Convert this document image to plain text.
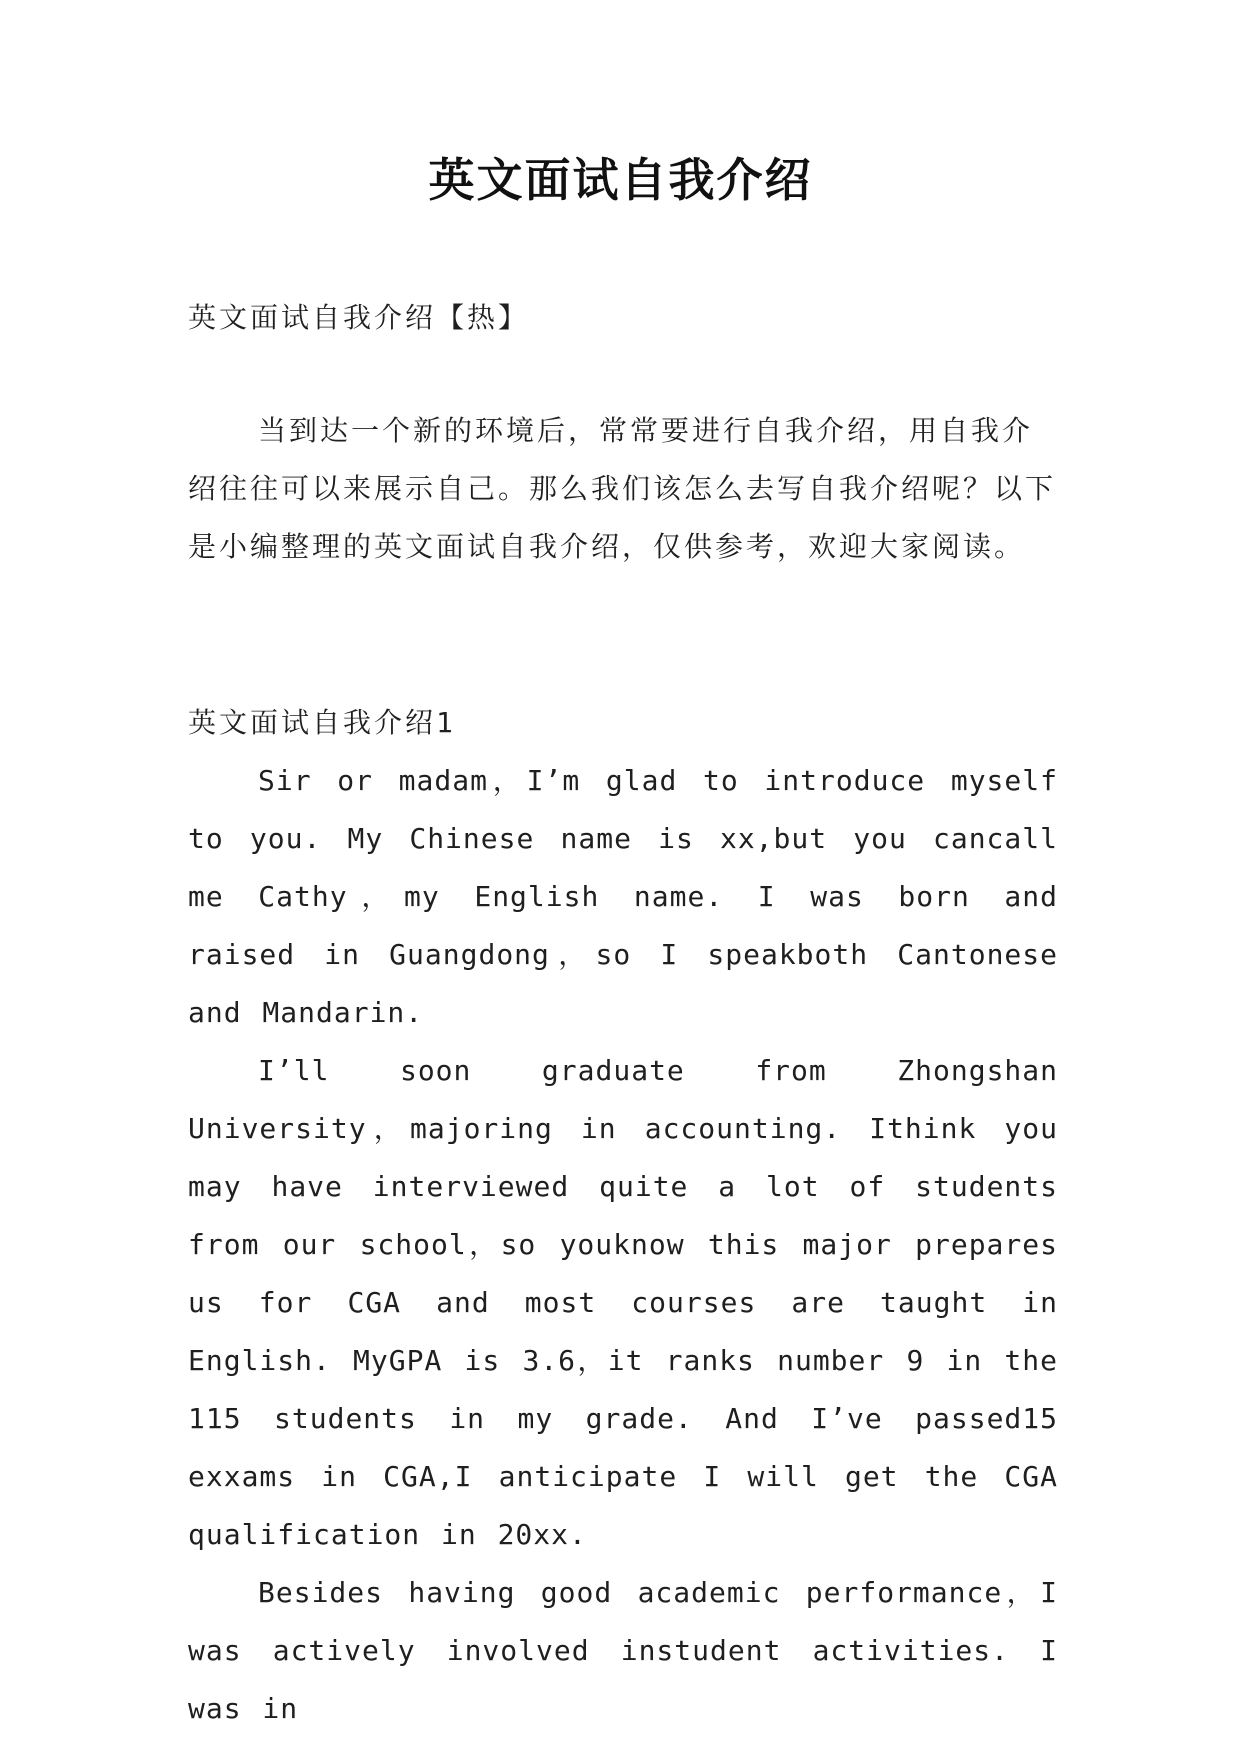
英文面试自我介绍
英文面试自我介绍【热】
当到达一个新的环境后，常常要进行自我介绍，用自我介绍往往可以来展示自己。那么我们该怎么去写自我介绍呢？以下是小编整理的英文面试自我介绍，仅供参考，欢迎大家阅读。
英文面试自我介绍1

Sir or madam，I’m glad to introduce myself to you. My Chinese name is xx,but you cancall me Cathy，my English name. I was born and raised in Guangdong，so I speakboth Cantonese and Mandarin.

I’ll soon graduate from Zhongshan University，majoring in accounting. Ithink you may have interviewed quite a lot of students from our school，so youknow this major prepares us for CGA and most courses are taught in English. MyGPA is 3.6，it ranks number 9 in the 115 students in my grade. And I’ve passed15 exxams in CGA,I anticipate I will get the CGA qualification in 20xx.

Besides having good academic performance，I was actively involved instudent activities. I was in
